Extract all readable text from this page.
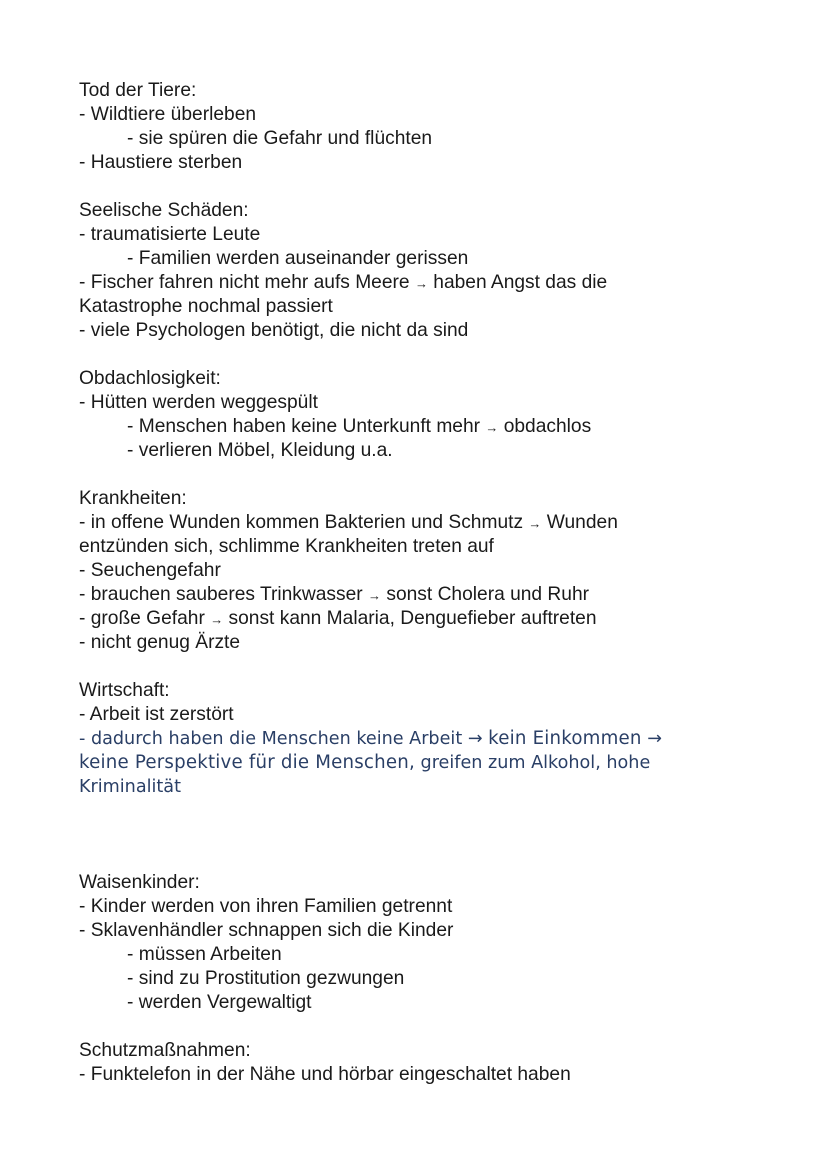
Tod der Tiere:
- Wildtiere überleben
- sie spüren die Gefahr und flüchten
- Haustiere sterben
Seelische Schäden:
- traumatisierte Leute
- Familien werden auseinander gerissen
- Fischer fahren nicht mehr aufs Meere → haben Angst das die
Katastrophe nochmal passiert
- viele Psychologen benötigt, die nicht da sind
Obdachlosigkeit:
- Hütten werden weggespült
- Menschen haben keine Unterkunft mehr → obdachlos
- verlieren Möbel, Kleidung u.a.
Krankheiten:
- in offene Wunden kommen Bakterien und Schmutz → Wunden
entzünden sich, schlimme Krankheiten treten auf
- Seuchengefahr
- brauchen sauberes Trinkwasser → sonst Cholera und Ruhr
- große Gefahr → sonst kann Malaria, Denguefieber auftreten
- nicht genug Ärzte
Wirtschaft:
- Arbeit ist zerstört
- dadurch haben die Menschen keine Arbeit → kein Einkommen →
keine Perspektive für die Menschen, greifen zum Alkohol, hohe
Kriminalität
Waisenkinder:
- Kinder werden von ihren Familien getrennt
- Sklavenhändler schnappen sich die Kinder
- müssen Arbeiten
- sind zu Prostitution gezwungen
- werden Vergewaltigt
Schutzmaßnahmen:
- Funktelefon in der Nähe und hörbar eingeschaltet haben
